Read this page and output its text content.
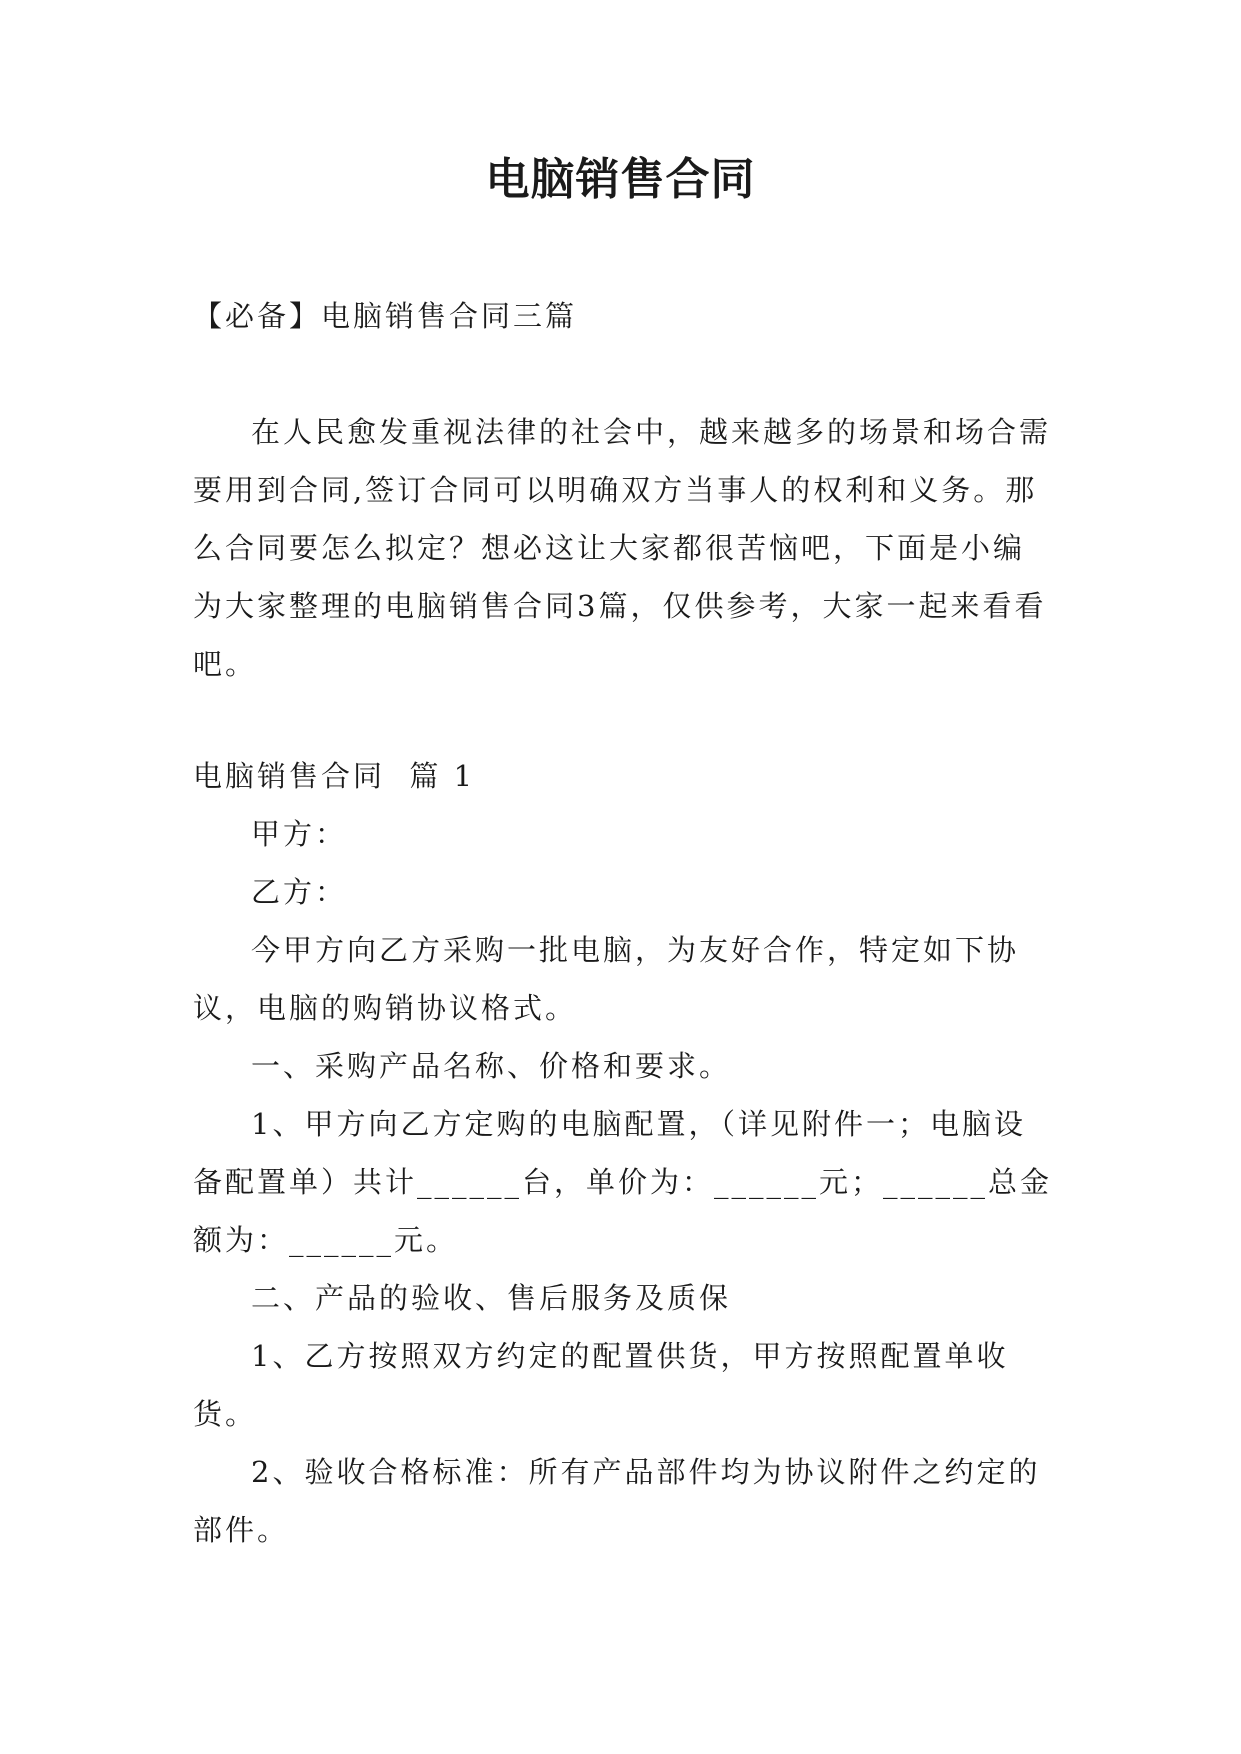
电脑销售合同

【必备】电脑销售合同三篇

在人民愈发重视法律的社会中，越来越多的场景和场合需要用到合同,签订合同可以明确双方当事人的权利和义务。那么合同要怎么拟定？想必这让大家都很苦恼吧，下面是小编为大家整理的电脑销售合同3篇，仅供参考，大家一起来看看吧。

电脑销售合同  篇 1

甲方：

乙方：

今甲方向乙方采购一批电脑，为友好合作，特定如下协议，电脑的购销协议格式。

一、采购产品名称、价格和要求。

1、甲方向乙方定购的电脑配置，（详见附件一；电脑设备配置单）共计______台，单价为：______元；______总金额为：______元。

二、产品的验收、售后服务及质保

1、乙方按照双方约定的配置供货，甲方按照配置单收货。

2、验收合格标准：所有产品部件均为协议附件之约定的部件。
